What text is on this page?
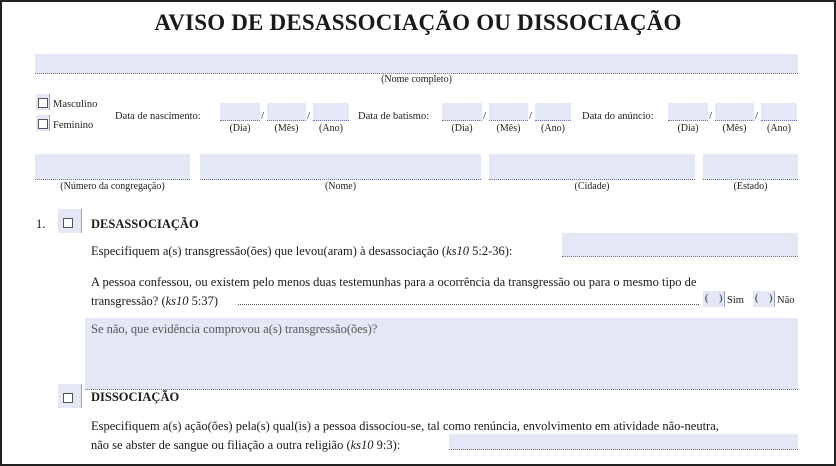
AVISO DE DESASSOCIAÇÃO OU DISSOCIAÇÃO
(Nome completo)
Masculino
Feminino
Data de nascimento:	/	/
(Dia)	(Mês)	(Ano)
Data de batismo:	/	/
(Dia)	(Mês)	(Ano)
Data do anúncio:	/	/
(Dia)	(Mês)	(Ano)
(Número da congregação)	(Nome)	(Cidade)	(Estado)
1.	DESASSOCIAÇÃO
Especifiquem a(s) transgressão(ões) que levou(aram) à desassociação (ks10 5:2-36):
A pessoa confessou, ou existem pelo menos duas testemunhas para a ocorrência da transgressão ou para o mesmo tipo de
transgressão? (ks10 5:37)	( ) Sim ( ) Não
Se não, que evidência comprovou a(s) transgressão(ões)?
DISSOCIAÇÃO
Especifiquem a(s) ação(ões) pela(s) qual(is) a pessoa dissociou-se, tal como renúncia, envolvimento em atividade não-neutra,
não se abster de sangue ou filiação a outra religião (ks10 9:3):
